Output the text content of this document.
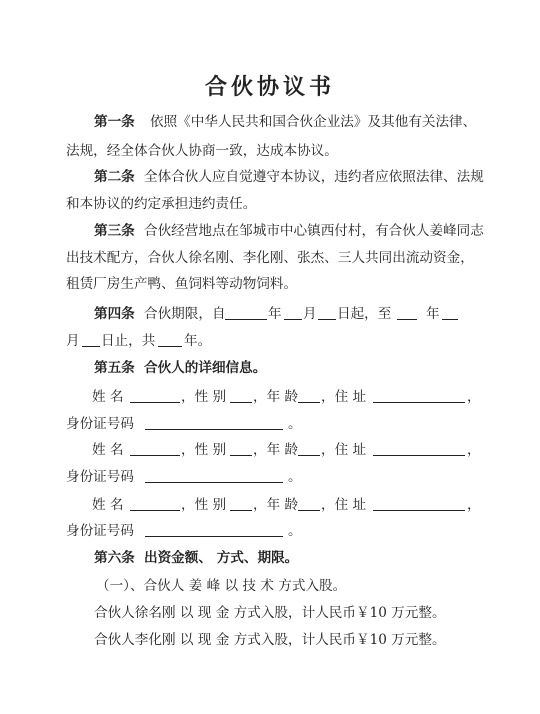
合伙协议书
第一条 依照《中华人民共和国合伙企业法》及其他有关法律、
法规，经全体合伙人协商一致，达成本协议。
第二条 全体合伙人应自觉遵守本协议，违约者应依照法律、法规
和本协议的约定承担违约责任。
第三条 合伙经营地点在邹城市中心镇西付村，有合伙人姜峰同志
出技术配方，合伙人徐名刚、李化刚、张杰、三人共同出流动资金，
租赁厂房生产鸭、鱼饲料等动物饲料。
第四条 合伙期限，自	年 月 日起，至	年
月 日止，共 年。
第五条 合伙人的详细信息。
姓 名	，性 别 ，年 龄 ，住 址	，
身份证号码	。
姓 名	，性 别 ，年 龄 ，住 址	，
身份证号码	。
姓 名	，性 别 ，年 龄 ，住 址	，
身份证号码	。
第六条 出资金额、 方式、期限。
（一）、合伙人 姜 峰 以 技 术 方式入股。
合伙人徐名刚 以 现 金 方式入股，计人民币￥10 万元整。
合伙人李化刚 以 现 金 方式入股，计人民币￥10 万元整。
